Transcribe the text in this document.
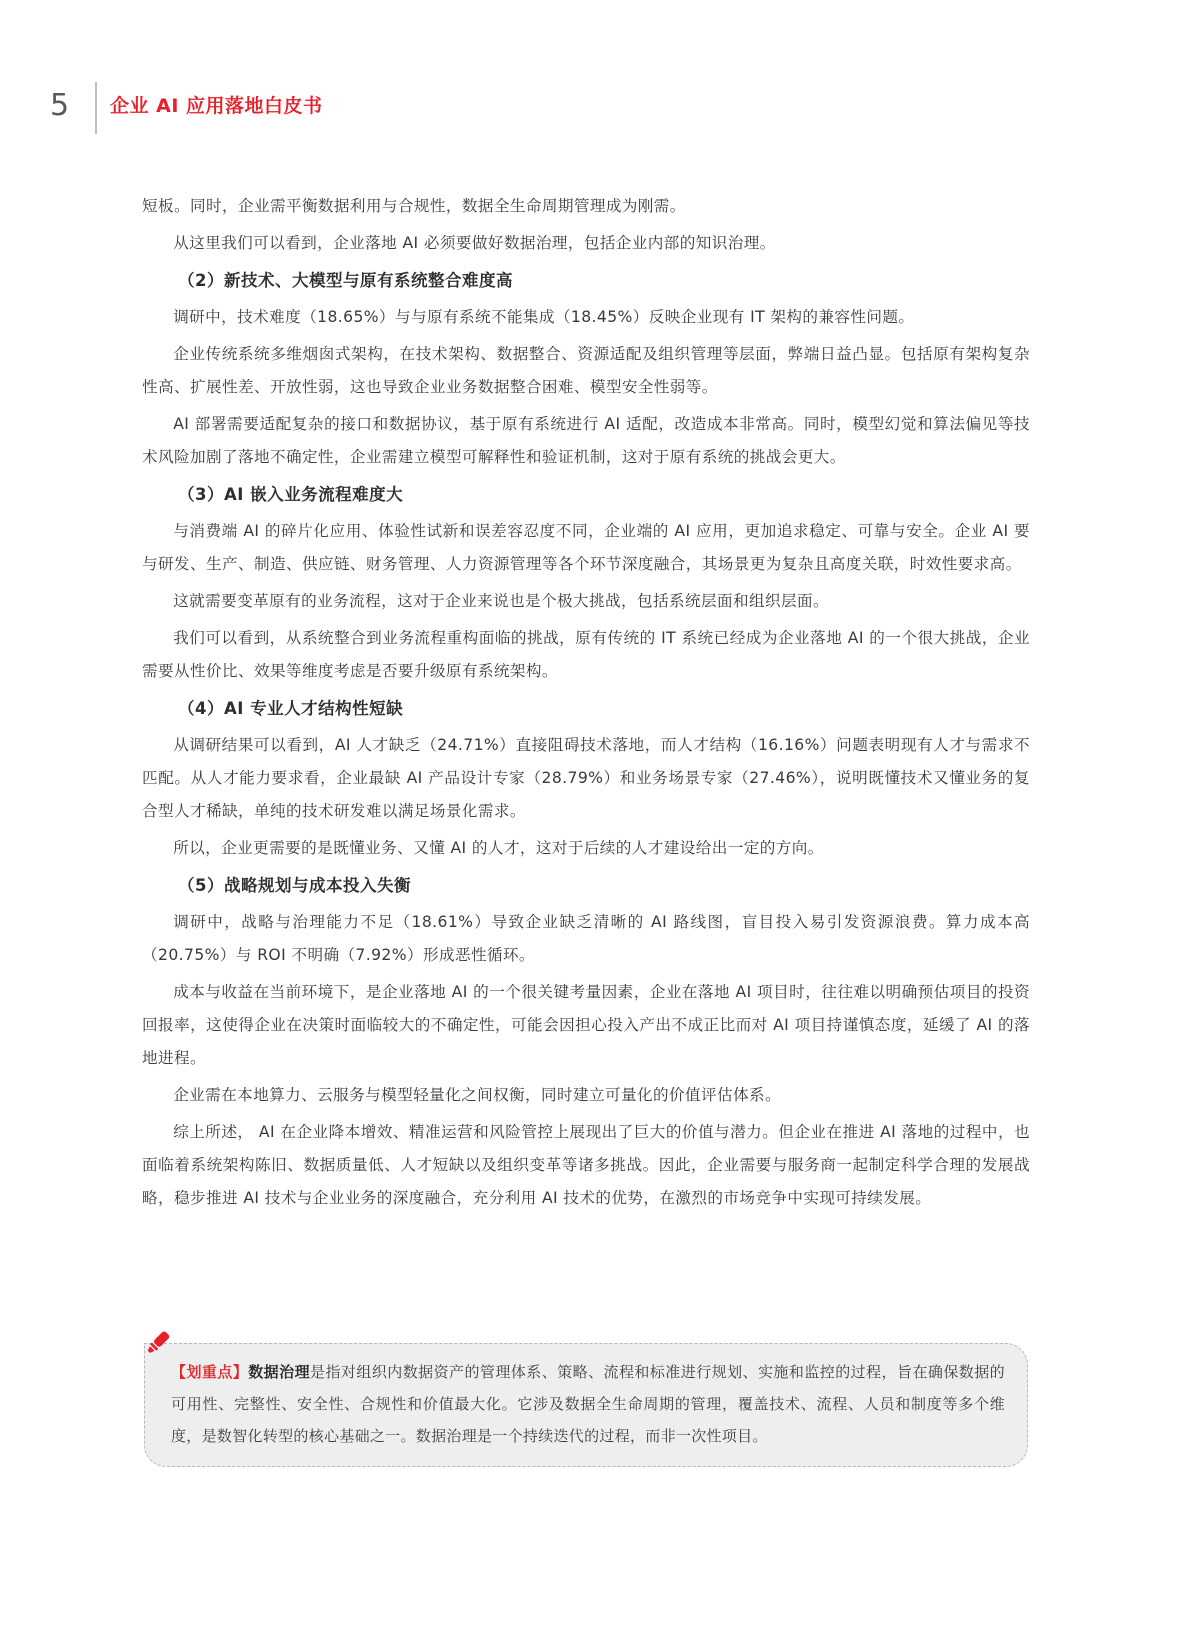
5 企业 AI 应用落地白皮书

短板。同时，企业需平衡数据利用与合规性，数据全生命周期管理成为刚需。

从这里我们可以看到，企业落地 AI 必须要做好数据治理，包括企业内部的知识治理。

（2）新技术、大模型与原有系统整合难度高

调研中，技术难度（18.65%）与与原有系统不能集成（18.45%）反映企业现有 IT 架构的兼容性问题。

企业传统系统多维烟囱式架构，在技术架构、数据整合、资源适配及组织管理等层面，弊端日益凸显。包括原有架构复杂性高、扩展性差、开放性弱，这也导致企业业务数据整合困难、模型安全性弱等。

AI 部署需要适配复杂的接口和数据协议，基于原有系统进行 AI 适配，改造成本非常高。同时，模型幻觉和算法偏见等技术风险加剧了落地不确定性，企业需建立模型可解释性和验证机制，这对于原有系统的挑战会更大。

（3）AI 嵌入业务流程难度大

与消费端 AI 的碎片化应用、体验性试新和误差容忍度不同，企业端的 AI 应用，更加追求稳定、可靠与安全。企业 AI 要与研发、生产、制造、供应链、财务管理、人力资源管理等各个环节深度融合，其场景更为复杂且高度关联，时效性要求高。

这就需要变革原有的业务流程，这对于企业来说也是个极大挑战，包括系统层面和组织层面。

我们可以看到，从系统整合到业务流程重构面临的挑战，原有传统的 IT 系统已经成为企业落地 AI 的一个很大挑战，企业需要从性价比、效果等维度考虑是否要升级原有系统架构。

（4）AI 专业人才结构性短缺

从调研结果可以看到，AI 人才缺乏（24.71%）直接阻碍技术落地，而人才结构（16.16%）问题表明现有人才与需求不匹配。从人才能力要求看，企业最缺 AI 产品设计专家（28.79%）和业务场景专家（27.46%），说明既懂技术又懂业务的复合型人才稀缺，单纯的技术研发难以满足场景化需求。

所以，企业更需要的是既懂业务、又懂 AI 的人才，这对于后续的人才建设给出一定的方向。

（5）战略规划与成本投入失衡

调研中，战略与治理能力不足（18.61%）导致企业缺乏清晰的 AI 路线图，盲目投入易引发资源浪费。算力成本高（20.75%）与 ROI 不明确（7.92%）形成恶性循环。

成本与收益在当前环境下，是企业落地 AI 的一个很关键考量因素，企业在落地 AI 项目时，往往难以明确预估项目的投资回报率，这使得企业在决策时面临较大的不确定性，可能会因担心投入产出不成正比而对 AI 项目持谨慎态度，延缓了 AI 的落地进程。

企业需在本地算力、云服务与模型轻量化之间权衡，同时建立可量化的价值评估体系。

综上所述， AI 在企业降本增效、精准运营和风险管控上展现出了巨大的价值与潜力。但企业在推进 AI 落地的过程中，也面临着系统架构陈旧、数据质量低、人才短缺以及组织变革等诸多挑战。因此，企业需要与服务商一起制定科学合理的发展战略，稳步推进 AI 技术与企业业务的深度融合，充分利用 AI 技术的优势，在激烈的市场竞争中实现可持续发展。

【划重点】数据治理是指对组织内数据资产的管理体系、策略、流程和标准进行规划、实施和监控的过程，旨在确保数据的可用性、完整性、安全性、合规性和价值最大化。它涉及数据全生命周期的管理，覆盖技术、流程、人员和制度等多个维度，是数智化转型的核心基础之一。数据治理是一个持续迭代的过程，而非一次性项目。
